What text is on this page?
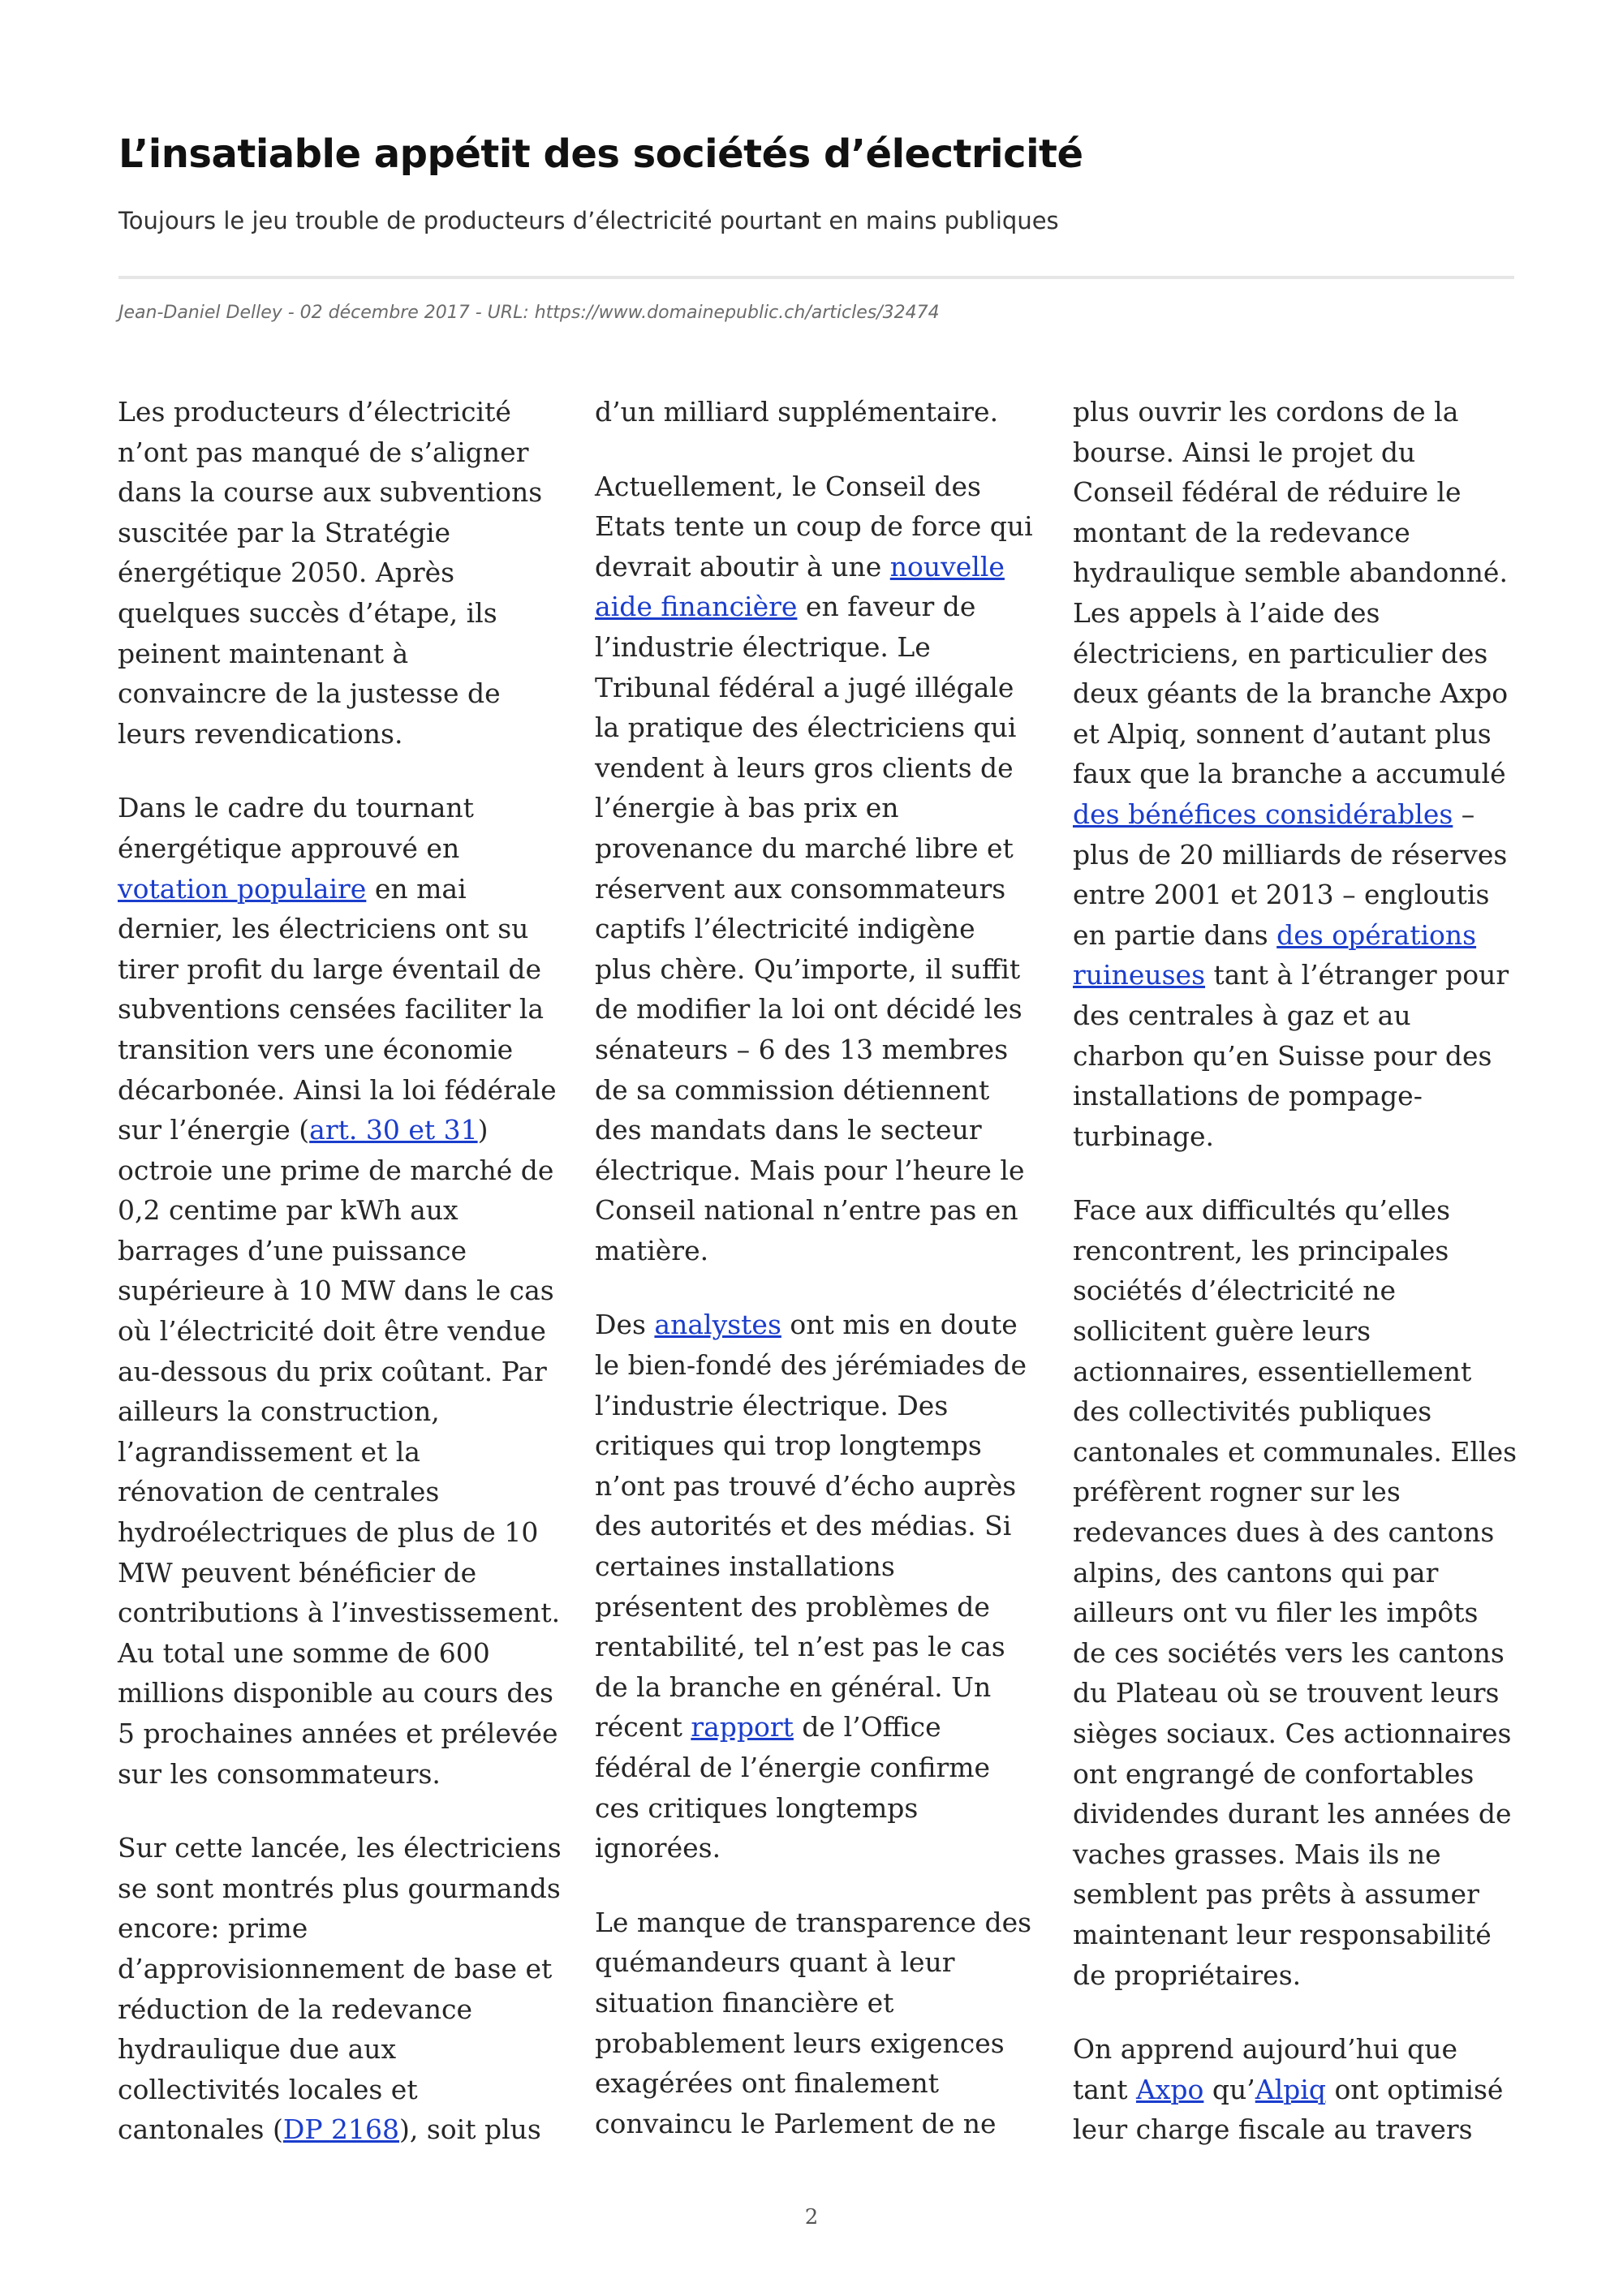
L’insatiable appétit des sociétés d’électricité

Toujours le jeu trouble de producteurs d’électricité pourtant en mains publiques

Jean-Daniel Delley - 02 décembre 2017 - URL: https://www.domainepublic.ch/articles/32474

Les producteurs d’électricité n’ont pas manqué de s’aligner dans la course aux subventions suscitée par la Stratégie énergétique 2050. Après quelques succès d’étape, ils peinent maintenant à convaincre de la justesse de leurs revendications.

Dans le cadre du tournant énergétique approuvé en votation populaire en mai dernier, les électriciens ont su tirer profit du large éventail de subventions censées faciliter la transition vers une économie décarbonée. Ainsi la loi fédérale sur l’énergie (art. 30 et 31) octroie une prime de marché de 0,2 centime par kWh aux barrages d’une puissance supérieure à 10 MW dans le cas où l’électricité doit être vendue au-dessous du prix coûtant. Par ailleurs la construction, l’agrandissement et la rénovation de centrales hydroélectriques de plus de 10 MW peuvent bénéficier de contributions à l’investissement. Au total une somme de 600 millions disponible au cours des 5 prochaines années et prélevée sur les consommateurs.

Sur cette lancée, les électriciens se sont montrés plus gourmands encore: prime d’approvisionnement de base et réduction de la redevance hydraulique due aux collectivités locales et cantonales (DP 2168), soit plus

d’un milliard supplémentaire.

Actuellement, le Conseil des Etats tente un coup de force qui devrait aboutir à une nouvelle aide financière en faveur de l’industrie électrique. Le Tribunal fédéral a jugé illégale la pratique des électriciens qui vendent à leurs gros clients de l’énergie à bas prix en provenance du marché libre et réservent aux consommateurs captifs l’électricité indigène plus chère. Qu’importe, il suffit de modifier la loi ont décidé les sénateurs – 6 des 13 membres de sa commission détiennent des mandats dans le secteur électrique. Mais pour l’heure le Conseil national n’entre pas en matière.

Des analystes ont mis en doute le bien-fondé des jérémiades de l’industrie électrique. Des critiques qui trop longtemps n’ont pas trouvé d’écho auprès des autorités et des médias. Si certaines installations présentent des problèmes de rentabilité, tel n’est pas le cas de la branche en général. Un récent rapport de l’Office fédéral de l’énergie confirme ces critiques longtemps ignorées.

Le manque de transparence des quémandeurs quant à leur situation financière et probablement leurs exigences exagérées ont finalement convaincu le Parlement de ne

plus ouvrir les cordons de la bourse. Ainsi le projet du Conseil fédéral de réduire le montant de la redevance hydraulique semble abandonné. Les appels à l’aide des électriciens, en particulier des deux géants de la branche Axpo et Alpiq, sonnent d’autant plus faux que la branche a accumulé des bénéfices considérables – plus de 20 milliards de réserves entre 2001 et 2013 – engloutis en partie dans des opérations ruineuses tant à l’étranger pour des centrales à gaz et au charbon qu’en Suisse pour des installations de pompage-turbinage.

Face aux difficultés qu’elles rencontrent, les principales sociétés d’électricité ne sollicitent guère leurs actionnaires, essentiellement des collectivités publiques cantonales et communales. Elles préfèrent rogner sur les redevances dues à des cantons alpins, des cantons qui par ailleurs ont vu filer les impôts de ces sociétés vers les cantons du Plateau où se trouvent leurs sièges sociaux. Ces actionnaires ont engrangé de confortables dividendes durant les années de vaches grasses. Mais ils ne semblent pas prêts à assumer maintenant leur responsabilité de propriétaires.

On apprend aujourd’hui que tant Axpo qu’Alpiq ont optimisé leur charge fiscale au travers

2
